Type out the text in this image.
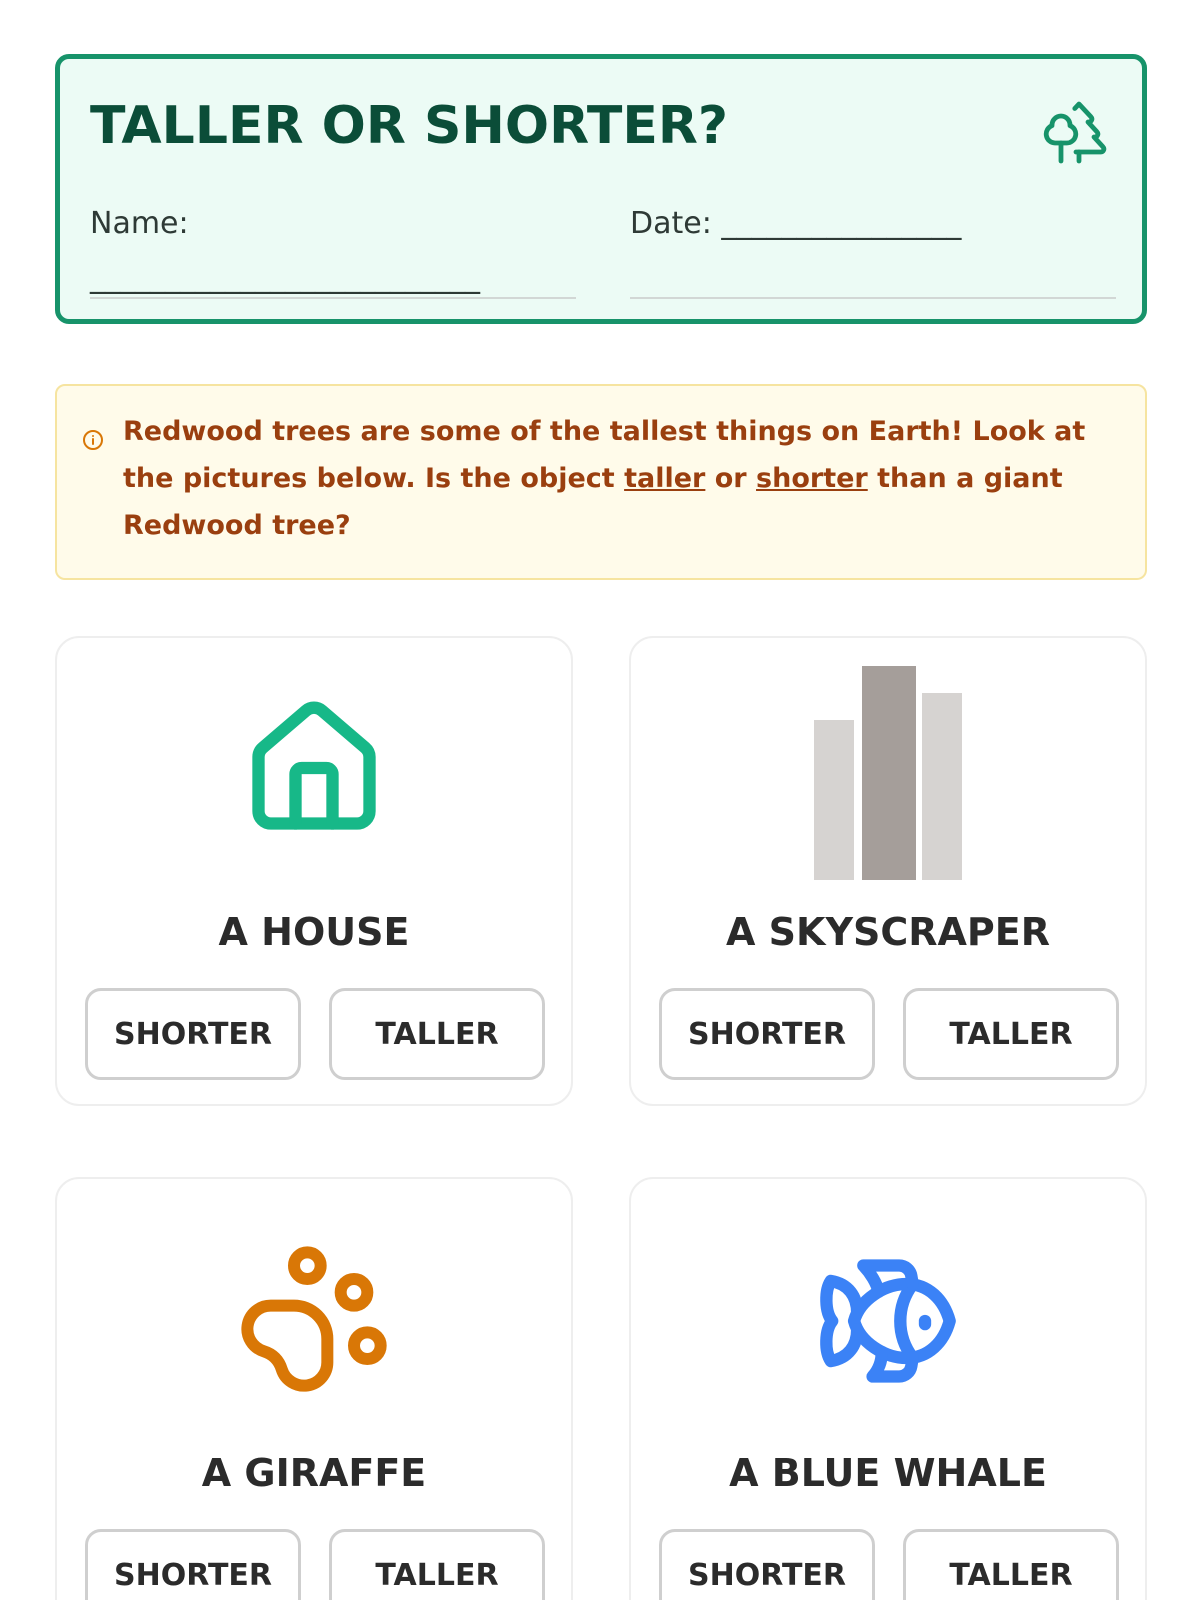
TALLER OR SHORTER?
Name:
__________________________
Date: ________________

Redwood trees are some of the tallest things on Earth! Look at the pictures below. Is the object taller or shorter than a giant Redwood tree?

A HOUSE
SHORTER	TALLER
A SKYSCRAPER
SHORTER	TALLER
A GIRAFFE
SHORTER	TALLER
A BLUE WHALE
SHORTER	TALLER
